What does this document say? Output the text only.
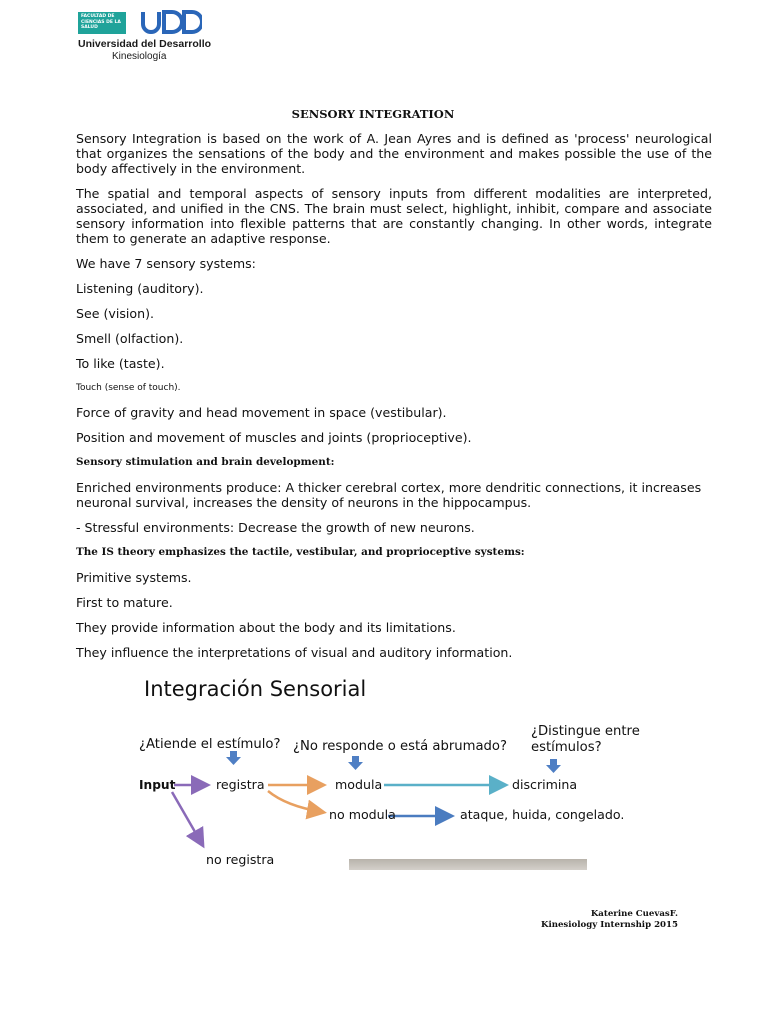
FACULTAD DE CIENCIAS DE LA SALUD
Universidad del Desarrollo
Kinesiología
SENSORY INTEGRATION

Sensory Integration is based on the work of A. Jean Ayres and is defined as 'process' neurological that organizes the sensations of the body and the environment and makes possible the use of the body affectively in the environment.

The spatial and temporal aspects of sensory inputs from different modalities are interpreted, associated, and unified in the CNS. The brain must select, highlight, inhibit, compare and associate sensory information into flexible patterns that are constantly changing. In other words, integrate them to generate an adaptive response.

We have 7 sensory systems:

Listening (auditory).

See (vision).

Smell (olfaction).

To like (taste).

Touch (sense of touch).

Force of gravity and head movement in space (vestibular).

Position and movement of muscles and joints (proprioceptive).

Sensory stimulation and brain development:

Enriched environments produce: A thicker cerebral cortex, more dendritic connections, it increases neuronal survival, increases the density of neurons in the hippocampus.

- Stressful environments: Decrease the growth of new neurons.

The IS theory emphasizes the tactile, vestibular, and proprioceptive systems:

Primitive systems.

First to mature.

They provide information about the body and its limitations.

They influence the interpretations of visual and auditory information.

Integración Sensorial
¿Atiende el estímulo? ¿No responde o está abrumado?
¿Distingue entre
estímulos?
Input	registra	modula	discrimina
no modula	ataque, huida, congelado.
no registra
Katerine CuevasF.
Kinesiology Internship 2015
